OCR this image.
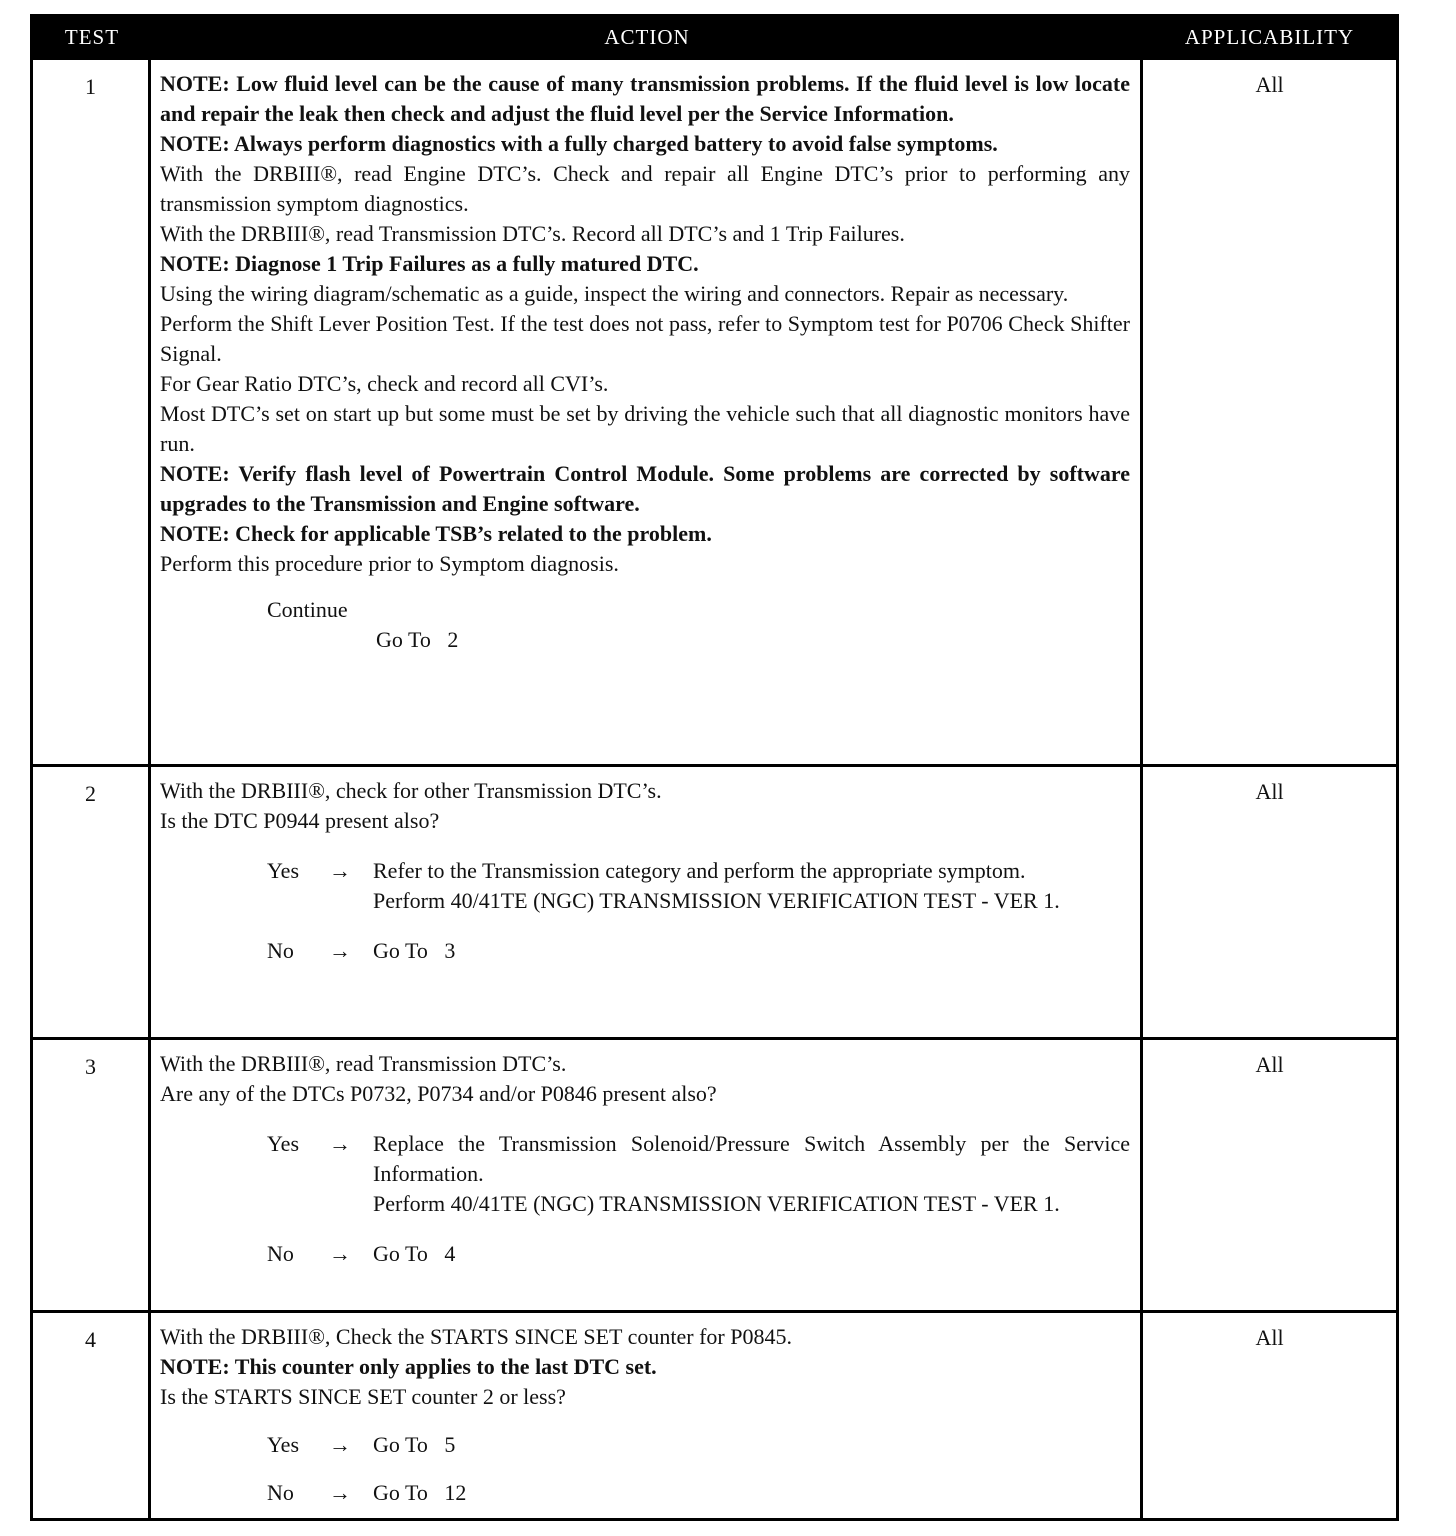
TEST	ACTION	APPLICABILITY
1	NOTE: Low fluid level can be the cause of many transmission problems. If the fluid level is low locate and repair the leak then check and adjust the fluid level per the Service Information.

NOTE: Always perform diagnostics with a fully charged battery to avoid false symptoms.

With the DRBIII®, read Engine DTC’s. Check and repair all Engine DTC’s prior to performing any transmission symptom diagnostics.

With the DRBIII®, read Transmission DTC’s. Record all DTC’s and 1 Trip Failures.

NOTE: Diagnose 1 Trip Failures as a fully matured DTC.

Using the wiring diagram/schematic as a guide, inspect the wiring and connectors. Repair as necessary.

Perform the Shift Lever Position Test. If the test does not pass, refer to Symptom test for P0706 Check Shifter Signal.

For Gear Ratio DTC’s, check and record all CVI’s.

Most DTC’s set on start up but some must be set by driving the vehicle such that all diagnostic monitors have run.

NOTE: Verify flash level of Powertrain Control Module. Some problems are corrected by software upgrades to the Transmission and Engine software.

NOTE: Check for applicable TSB’s related to the problem.

Perform this procedure prior to Symptom diagnosis.

Continue
Go To   2
All
2	With the DRBIII®, check for other Transmission DTC’s.

Is the DTC P0944 present also?

Yes	→	Refer to the Transmission category and perform the appropriate symptom.
Perform 40/41TE (NGC) TRANSMISSION VERIFICATION TEST - VER 1.
No	→	Go To   3
All
3	With the DRBIII®, read Transmission DTC’s.

Are any of the DTCs P0732, P0734 and/or P0846 present also?

Yes	→	Replace the Transmission Solenoid/Pressure Switch Assembly per the Service Information.
Perform 40/41TE (NGC) TRANSMISSION VERIFICATION TEST - VER 1.
No	→	Go To   4
All
4	With the DRBIII®, Check the STARTS SINCE SET counter for P0845.

NOTE: This counter only applies to the last DTC set.

Is the STARTS SINCE SET counter 2 or less?

Yes	→	Go To   5
No	→	Go To   12
All
